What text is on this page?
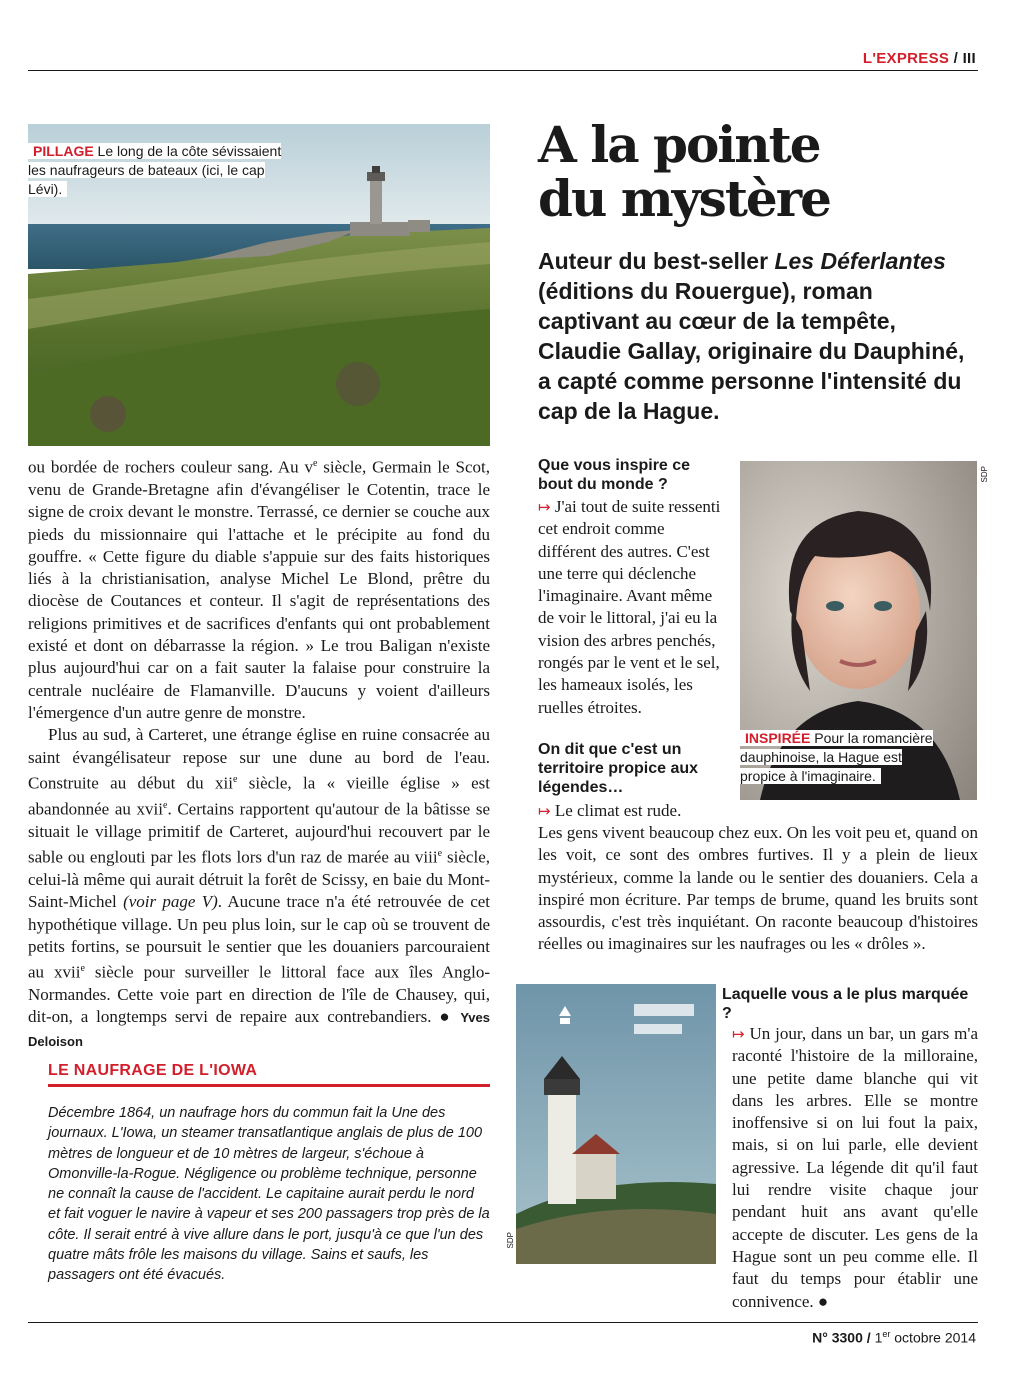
L'EXPRESS / III
PILLAGE Le long de la côte sévissaient les naufrageurs de bateaux (ici, le cap Lévi).
A la pointe
du mystère
Auteur du best-seller Les Déferlantes (éditions du Rouergue), roman captivant au cœur de la tempête, Claudie Gallay, originaire du Dauphiné, a capté comme personne l'intensité du cap de la Hague.

ou bordée de rochers couleur sang. Au $v^e$ siècle, Germain le Scot, venu de Grande-Bretagne afin d'évangéliser le Cotentin, trace le signe de croix devant le monstre. Terrassé, ce dernier se couche aux pieds du missionnaire qui l'attache et le précipite au fond du gouffre. « Cette figure du diable s'appuie sur des faits historiques liés à la christianisation, analyse Michel Le Blond, prêtre du diocèse de Coutances et conteur. Il s'agit de représentations des religions primitives et de sacrifices d'enfants qui ont probablement existé et dont on débarrasse la région. » Le trou Baligan n'existe plus aujourd'hui car on a fait sauter la falaise pour construire la centrale nucléaire de Flamanville. D'aucuns y voient d'ailleurs l'émergence d'un autre genre de monstre.

Plus au sud, à Carteret, une étrange église en ruine consacrée au saint évangélisateur repose sur une dune au bord de l'eau. Construite au début du xii$^e$ siècle, la « vieille église » est abandonnée au xvii$^e$. Certains rapportent qu'autour de la bâtisse se situait le village primitif de Carteret, aujourd'hui recouvert par le sable ou englouti par les flots lors d'un raz de marée au viii$^e$ siècle, celui-là même qui aurait détruit la forêt de Scissy, en baie du Mont-Saint-Michel (voir page V). Aucune trace n'a été retrouvée de cet hypothétique village. Un peu plus loin, sur le cap où se trouvent de petits fortins, se poursuit le sentier que les douaniers parcouraient au xvii$^e$ siècle pour surveiller le littoral face aux îles Anglo-Normandes. Cette voie part en direction de l'île de Chausey, qui, dit-on, a longtemps servi de repaire aux contrebandiers. ● Yves Deloison

LE NAUFRAGE DE L'IOWA
Décembre 1864, un naufrage hors du commun fait la Une des journaux. L'Iowa, un steamer transatlantique anglais de plus de 100 mètres de longueur et de 10 mètres de largeur, s'échoue à Omonville-la-Rogue. Négligence ou problème technique, personne ne connaît la cause de l'accident. Le capitaine aurait perdu le nord et fait voguer le navire à vapeur et ses 200 passagers trop près de la côte. Il serait entré à vive allure dans le port, jusqu'à ce que l'un des quatre mâts frôle les maisons du village. Sains et saufs, les passagers ont été évacués.
Que vous inspire ce bout du monde ?
↦ J'ai tout de suite ressenti cet endroit comme différent des autres. C'est une terre qui déclenche l'imaginaire. Avant même de voir le littoral, j'ai eu la vision des arbres penchés, rongés par le vent et le sel, les hameaux isolés, les ruelles étroites.
SDP
INSPIRÉE Pour la romancière dauphinoise, la Hague est propice à l'imaginaire.
On dit que c'est un territoire propice aux légendes…
↦ Le climat est rude.
Les gens vivent beaucoup chez eux. On les voit peu et, quand on les voit, ce sont des ombres furtives. Il y a plein de lieux mystérieux, comme la lande ou le sentier des douaniers. Cela a inspiré mon écriture. Par temps de brume, quand les bruits sont assourdis, c'est très inquiétant. On raconte beaucoup d'histoires réelles ou imaginaires sur les naufrages ou les « drôles ».
SDP
Laquelle vous a le plus marquée ?
↦ Un jour, dans un bar, un gars m'a raconté l'histoire de la milloraine, une petite dame blanche qui vit dans les arbres. Elle se montre inoffensive si on lui fout la paix, mais, si on lui parle, elle devient agressive. La légende dit qu'il faut lui rendre visite chaque jour pendant huit ans avant qu'elle accepte de discuter. Les gens de la Hague sont un peu comme elle. Il faut du temps pour établir une connivence. ●
N° 3300 / 1er octobre 2014
